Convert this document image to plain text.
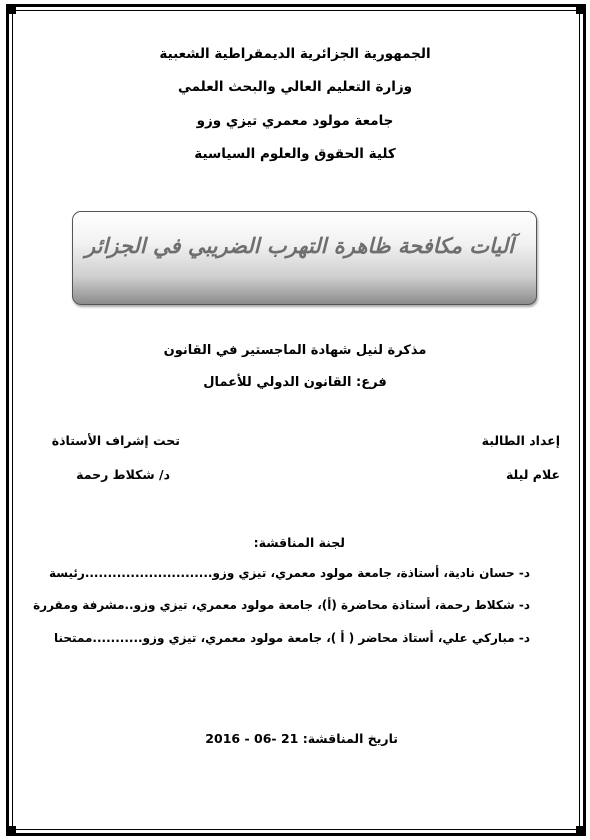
الجمهورية الجزائرية الديمقراطية الشعبية
وزارة التعليم العالي والبحث العلمي
جامعة مولود معمري تيزي وزو
كلية الحقوق والعلوم السياسية
آليات مكافحة ظاهرة التهرب الضريبي في الجزائر
مذكرة لنيل شهادة الماجستير في القانون
فرع: القانون الدولي للأعمال
إعداد الطالبة
علام ليلة
تحت إشراف الأستاذة
د/ شكلاط رحمة
لجنة المناقشة:
د- حسان نادية، أستاذة، جامعة مولود معمري، تيزي وزو............................رئيسة
د- شكلاط رحمة، أستاذة محاضرة (أ)، جامعة مولود معمري، تيزي وزو..مشرفة ومقررة
د- مباركي علي، أستاذ محاضر ( أ )، جامعة مولود معمري، تيزي وزو...........ممتحنا
تاريخ المناقشة: 21 -06 - 2016
